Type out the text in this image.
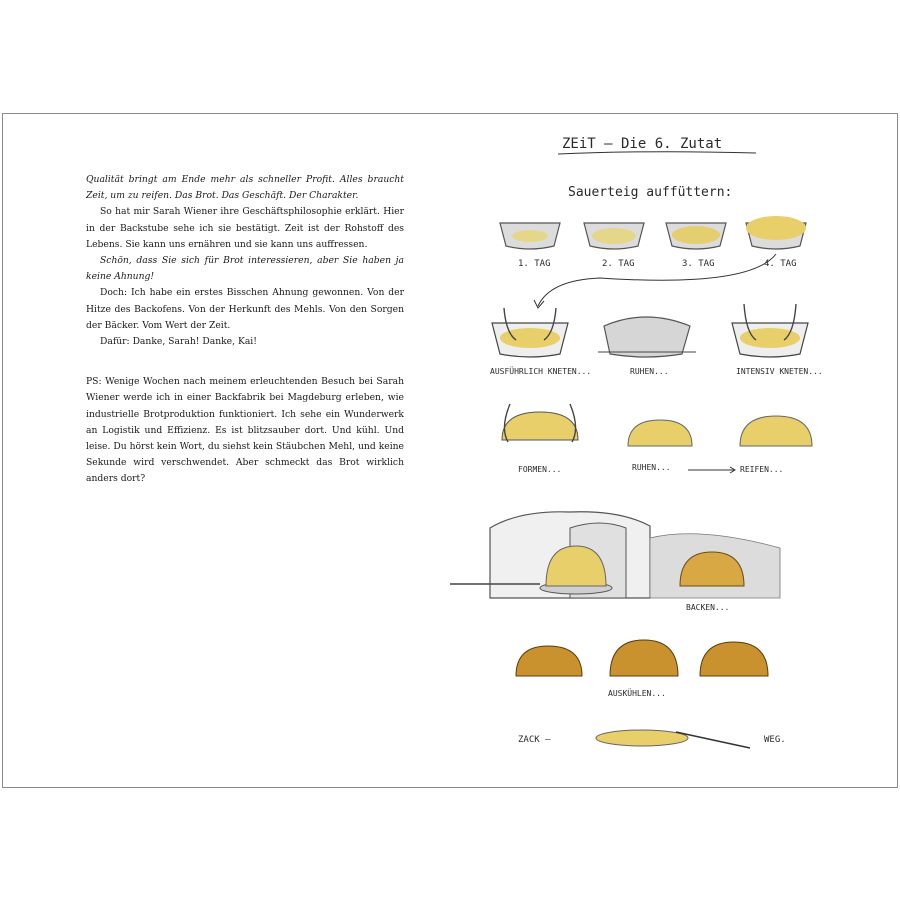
Qualität bringt am Ende mehr als schneller Profit. Alles braucht Zeit, um zu reifen. Das Brot. Das Geschäft. Der Charakter.

So hat mir Sarah Wiener ihre Geschäftsphilosophie erklärt. Hier in der Backstube sehe ich sie bestätigt. Zeit ist der Rohstoff des Lebens. Sie kann uns ernähren und sie kann uns auffressen.

Schön, dass Sie sich für Brot interessieren, aber Sie haben ja keine Ahnung!

Doch: Ich habe ein erstes Bisschen Ahnung gewonnen. Von der Hitze des Backofens. Von der Herkunft des Mehls. Von den Sorgen der Bäcker. Vom Wert der Zeit.

Dafür: Danke, Sarah! Danke, Kai!

PS: Wenige Wochen nach meinem erleuchtenden Besuch bei Sarah Wiener werde ich in einer Backfabrik bei Magdeburg erleben, wie industrielle Brotproduktion funktioniert. Ich sehe ein Wunderwerk an Logistik und Effizienz. Es ist blitzsauber dort. Und kühl. Und leise. Du hörst kein Wort, du siehst kein Stäubchen Mehl, und keine Sekunde wird verschwendet. Aber schmeckt das Brot wirklich anders dort?

ZEiT – Die 6. Zutat
Sauerteig auffüttern:
1. TAG	2. TAG	3. TAG	4. TAG
AUSFÜHRLICH KNETEN...	RUHEN...	INTENSIV KNETEN...
FORMEN...	RUHEN...	REIFEN...
BACKEN...
AUSKÜHLEN...
ZACK –	WEG.
